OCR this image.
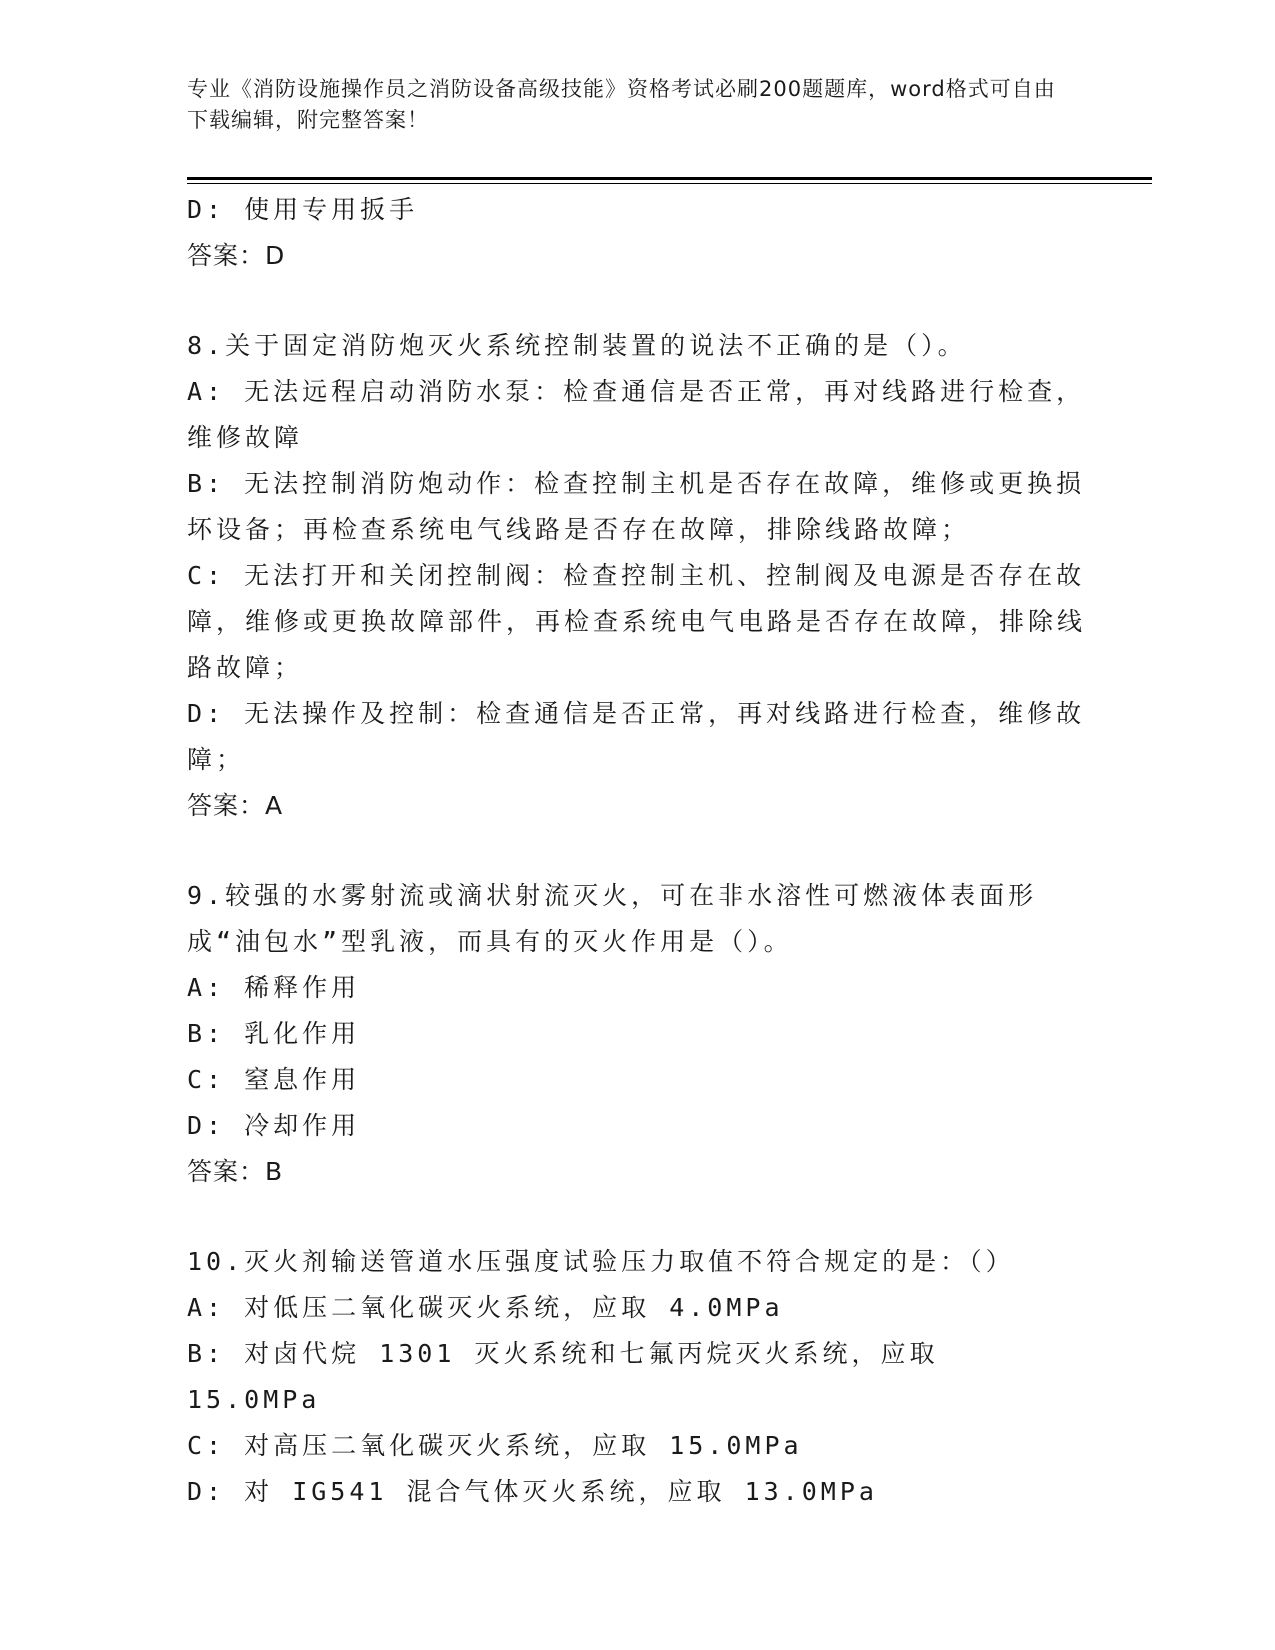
专业《消防设施操作员之消防设备高级技能》资格考试必刷200题题库，word格式可自由下载编辑，附完整答案！
D: 使用专用扳手
答案：D
8.关于固定消防炮灭火系统控制装置的说法不正确的是（）。
A: 无法远程启动消防水泵：检查通信是否正常，再对线路进行检查，维修故障
B: 无法控制消防炮动作：检查控制主机是否存在故障，维修或更换损坏设备；再检查系统电气线路是否存在故障，排除线路故障；
C: 无法打开和关闭控制阀：检查控制主机、控制阀及电源是否存在故障，维修或更换故障部件，再检查系统电气电路是否存在故障，排除线路故障；
D: 无法操作及控制：检查通信是否正常，再对线路进行检查，维修故障；
答案：A
9.较强的水雾射流或滴状射流灭火，可在非水溶性可燃液体表面形成“油包水”型乳液，而具有的灭火作用是（）。
A: 稀释作用
B: 乳化作用
C: 窒息作用
D: 冷却作用
答案：B
10.灭火剂输送管道水压强度试验压力取值不符合规定的是：（）
A: 对低压二氧化碳灭火系统，应取 4.0MPa
B: 对卤代烷 1301 灭火系统和七氟丙烷灭火系统，应取 15.0MPa
C: 对高压二氧化碳灭火系统，应取 15.0MPa
D: 对 IG541 混合气体灭火系统，应取 13.0MPa
